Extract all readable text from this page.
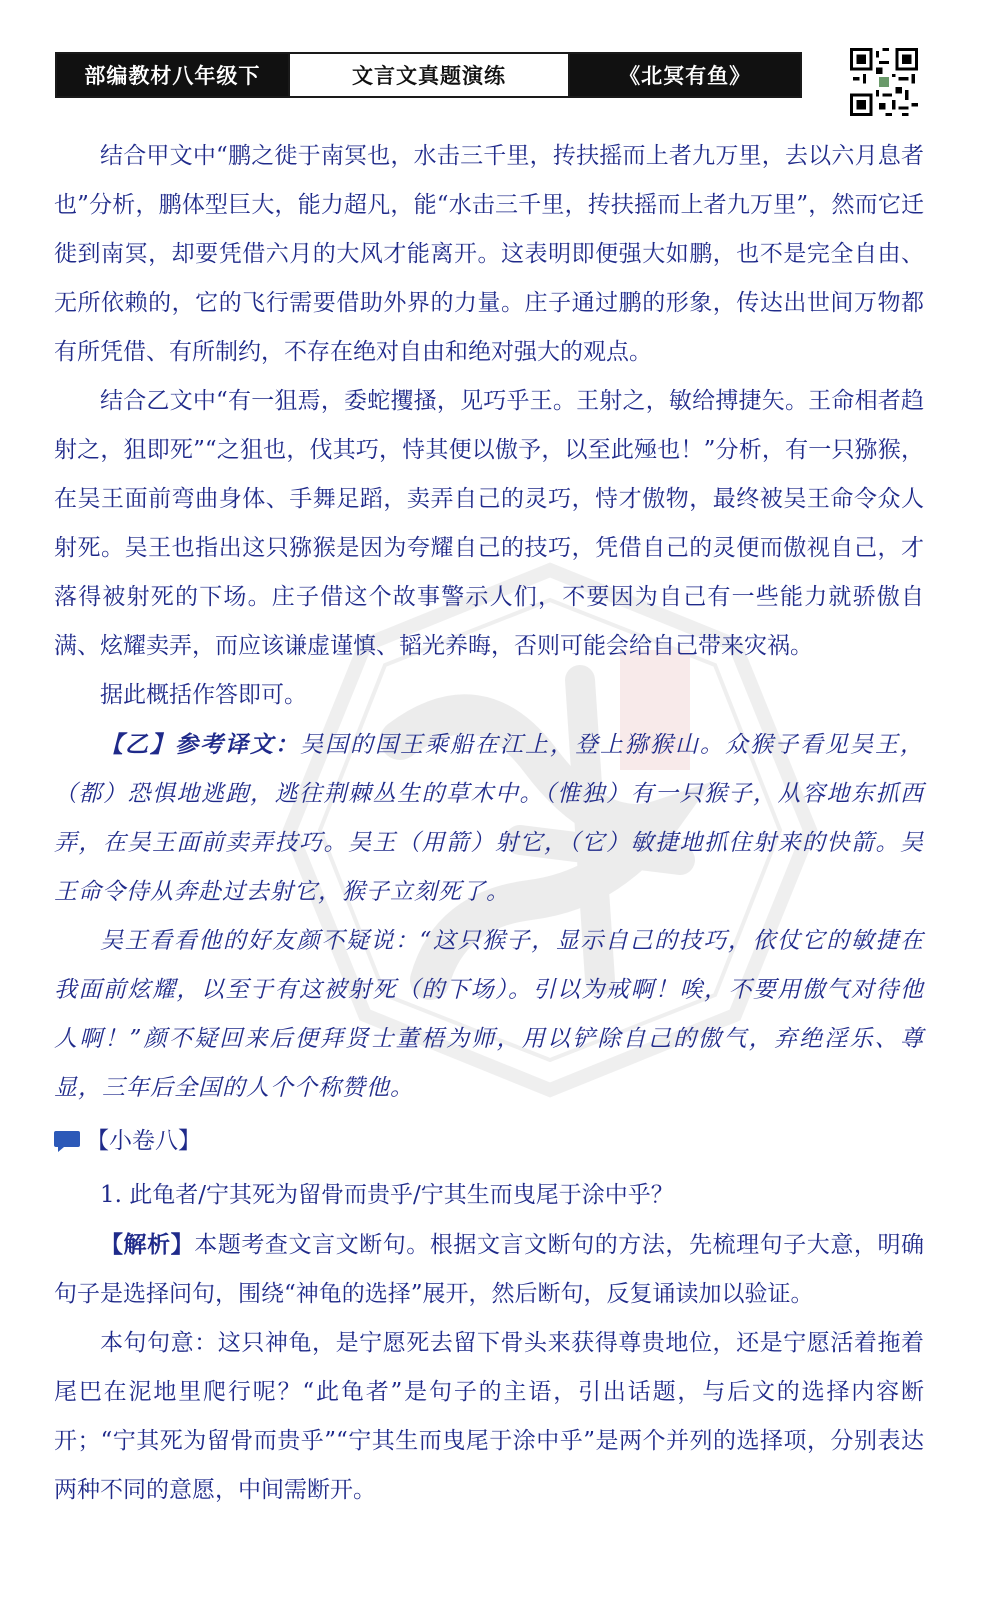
部编教材八年级下	文言文真题演练	《北冥有鱼》

结合甲文中“鹏之徙于南冥也，水击三千里，抟扶摇而上者九万里，去以六月息者也”分析，鹏体型巨大，能力超凡，能“水击三千里，抟扶摇而上者九万里”，然而它迁徙到南冥，却要凭借六月的大风才能离开。这表明即便强大如鹏，也不是完全自由、无所依赖的，它的飞行需要借助外界的力量。庄子通过鹏的形象，传达出世间万物都有所凭借、有所制约，不存在绝对自由和绝对强大的观点。

结合乙文中“有一狙焉，委蛇攫搔，见巧乎王。王射之，敏给搏捷矢。王命相者趋射之，狙即死”“之狙也，伐其巧，恃其便以傲予，以至此殛也！”分析，有一只猕猴，在吴王面前弯曲身体、手舞足蹈，卖弄自己的灵巧，恃才傲物，最终被吴王命令众人射死。吴王也指出这只猕猴是因为夸耀自己的技巧，凭借自己的灵便而傲视自己，才落得被射死的下场。庄子借这个故事警示人们，不要因为自己有一些能力就骄傲自满、炫耀卖弄，而应该谦虚谨慎、韬光养晦，否则可能会给自己带来灾祸。

据此概括作答即可。

【乙】参考译文：吴国的国王乘船在江上，登上猕猴山。众猴子看见吴王，（都）恐惧地逃跑，逃往荆棘丛生的草木中。（惟独）有一只猴子，从容地东抓西弄，在吴王面前卖弄技巧。吴王（用箭）射它，（它）敏捷地抓住射来的快箭。吴王命令侍从奔赴过去射它，猴子立刻死了。

吴王看看他的好友颜不疑说：“这只猴子，显示自己的技巧，依仗它的敏捷在我面前炫耀，以至于有这被射死（的下场）。引以为戒啊！唉，不要用傲气对待他人啊！”颜不疑回来后便拜贤士董梧为师，用以铲除自己的傲气，弃绝淫乐、尊显，三年后全国的人个个称赞他。

【小卷八】

1. 此龟者/宁其死为留骨而贵乎/宁其生而曳尾于涂中乎？

【解析】本题考查文言文断句。根据文言文断句的方法，先梳理句子大意，明确句子是选择问句，围绕“神龟的选择”展开，然后断句，反复诵读加以验证。

本句句意：这只神龟，是宁愿死去留下骨头来获得尊贵地位，还是宁愿活着拖着尾巴在泥地里爬行呢？“此龟者”是句子的主语，引出话题，与后文的选择内容断开；“宁其死为留骨而贵乎”“宁其生而曳尾于涂中乎”是两个并列的选择项，分别表达两种不同的意愿，中间需断开。
